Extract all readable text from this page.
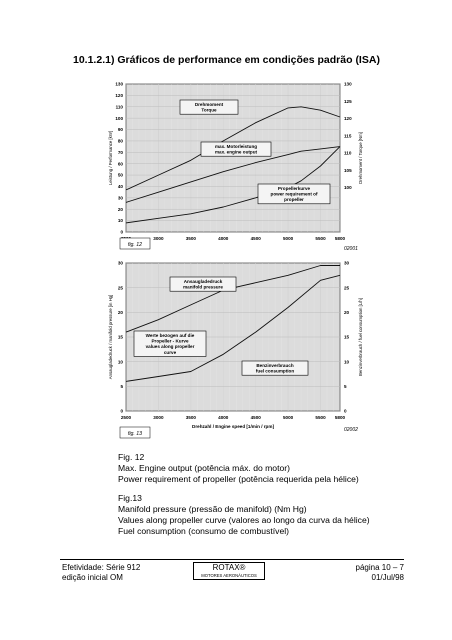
10.1.2.1) Gráficos de performance em condições padrão (ISA)
3000	3500	4000	4500	5000	5500 5800
0
10
20
30
40
50
60
70
80
90
100
110
120
130
100
105
110
115
120
125
130
Leistung / Performance [kW]	Drehmoment / Torque [Nm]
Drehmoment
Torque
max. Motorleistung
max. engine output
Propellerkurve
power requirement of
propeller
fig. 12
02001
2500	3000	3500	4000	4500	5000	5500 5800
0
5
10
15
20
25
30
0
5
10
15
20
25
30
Ansaugladedruck / manifold pressure [in Hg]	Benzinverbrauch / fuel consumption [L/h]
Drehzahl / Engine speed [1/min / rpm]
Ansaugladedruck
manifold pressure
Werte bezogen auf die
Propeller - Kurve
values along propeller
curve
Benzinverbrauch
fuel consumption
fig. 13
02002
Fig. 12
Max. Engine output (potência máx. do motor)
Power requirement of propeller (potência requerida pela hélice)
Fig.13
Manifold pressure (pressão de manifold) (Nm Hg)
Values along propeller curve (valores ao longo da curva da hélice)
Fuel consumption (consumo de combustível)
Efetividade: Série 912
edição inicial OM
ROTAX®
MOTORES AERONÁUTICOS
página 10 – 7
01/Jul/98
